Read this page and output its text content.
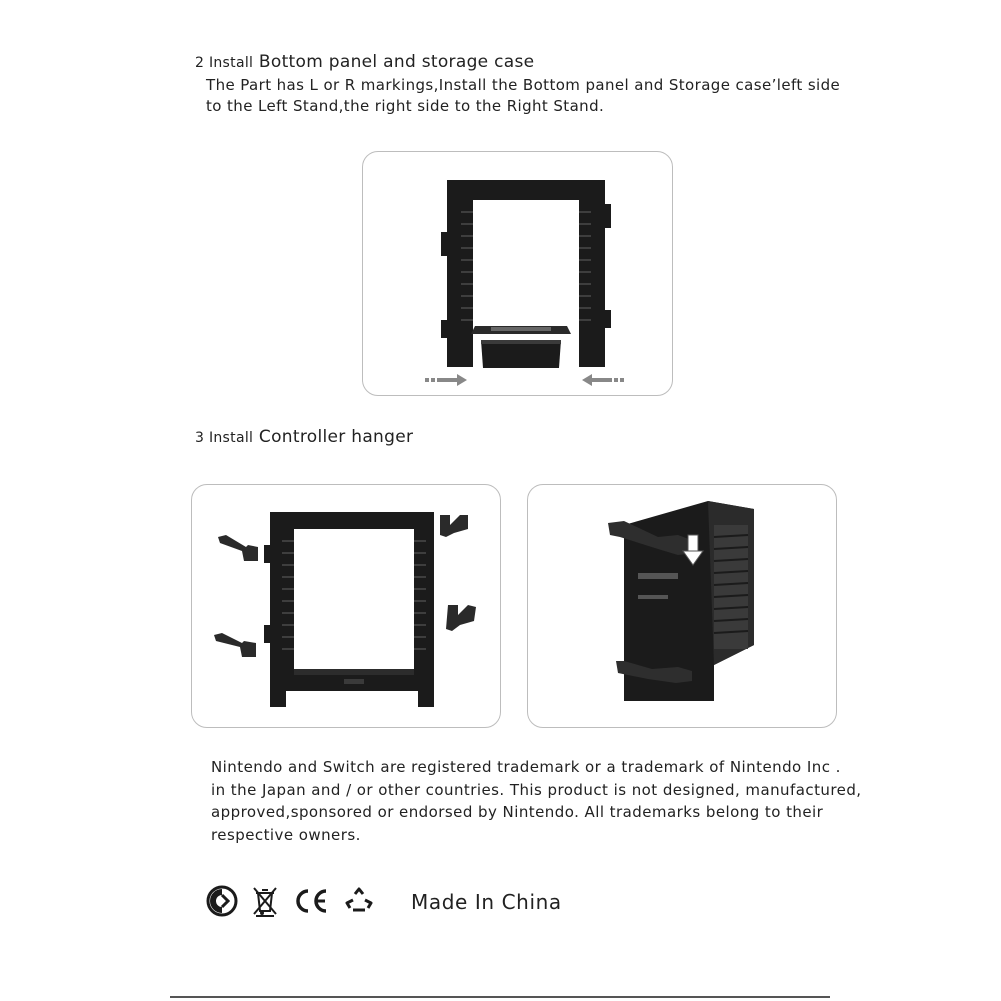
2 Install Bottom panel and storage case
The Part has L or R markings,Install the Bottom panel and Storage case’left side
to the Left Stand,the right side to the Right Stand.
3 Install Controller hanger
Nintendo and Switch are registered trademark or a trademark of Nintendo Inc .
in the Japan and / or other countries. This product is not designed, manufactured,
approved,sponsored or endorsed by Nintendo. All trademarks belong to their
respective owners.
Made In China
